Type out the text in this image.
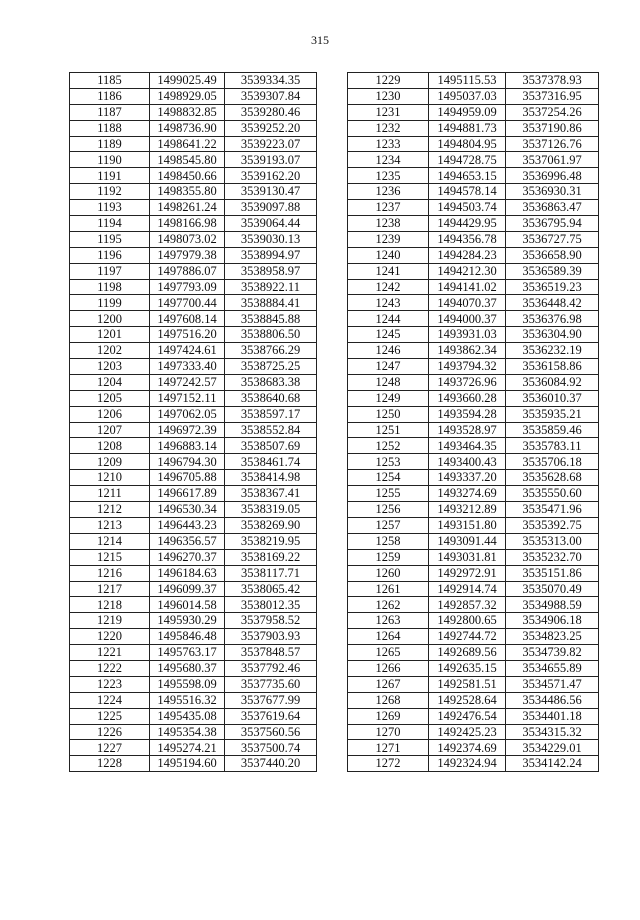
315
1185	1499025.49	3539334.35
1186	1498929.05	3539307.84
1187	1498832.85	3539280.46
1188	1498736.90	3539252.20
1189	1498641.22	3539223.07
1190	1498545.80	3539193.07
1191	1498450.66	3539162.20
1192	1498355.80	3539130.47
1193	1498261.24	3539097.88
1194	1498166.98	3539064.44
1195	1498073.02	3539030.13
1196	1497979.38	3538994.97
1197	1497886.07	3538958.97
1198	1497793.09	3538922.11
1199	1497700.44	3538884.41
1200	1497608.14	3538845.88
1201	1497516.20	3538806.50
1202	1497424.61	3538766.29
1203	1497333.40	3538725.25
1204	1497242.57	3538683.38
1205	1497152.11	3538640.68
1206	1497062.05	3538597.17
1207	1496972.39	3538552.84
1208	1496883.14	3538507.69
1209	1496794.30	3538461.74
1210	1496705.88	3538414.98
1211	1496617.89	3538367.41
1212	1496530.34	3538319.05
1213	1496443.23	3538269.90
1214	1496356.57	3538219.95
1215	1496270.37	3538169.22
1216	1496184.63	3538117.71
1217	1496099.37	3538065.42
1218	1496014.58	3538012.35
1219	1495930.29	3537958.52
1220	1495846.48	3537903.93
1221	1495763.17	3537848.57
1222	1495680.37	3537792.46
1223	1495598.09	3537735.60
1224	1495516.32	3537677.99
1225	1495435.08	3537619.64
1226	1495354.38	3537560.56
1227	1495274.21	3537500.74
1228	1495194.60	3537440.20
1229	1495115.53	3537378.93
1230	1495037.03	3537316.95
1231	1494959.09	3537254.26
1232	1494881.73	3537190.86
1233	1494804.95	3537126.76
1234	1494728.75	3537061.97
1235	1494653.15	3536996.48
1236	1494578.14	3536930.31
1237	1494503.74	3536863.47
1238	1494429.95	3536795.94
1239	1494356.78	3536727.75
1240	1494284.23	3536658.90
1241	1494212.30	3536589.39
1242	1494141.02	3536519.23
1243	1494070.37	3536448.42
1244	1494000.37	3536376.98
1245	1493931.03	3536304.90
1246	1493862.34	3536232.19
1247	1493794.32	3536158.86
1248	1493726.96	3536084.92
1249	1493660.28	3536010.37
1250	1493594.28	3535935.21
1251	1493528.97	3535859.46
1252	1493464.35	3535783.11
1253	1493400.43	3535706.18
1254	1493337.20	3535628.68
1255	1493274.69	3535550.60
1256	1493212.89	3535471.96
1257	1493151.80	3535392.75
1258	1493091.44	3535313.00
1259	1493031.81	3535232.70
1260	1492972.91	3535151.86
1261	1492914.74	3535070.49
1262	1492857.32	3534988.59
1263	1492800.65	3534906.18
1264	1492744.72	3534823.25
1265	1492689.56	3534739.82
1266	1492635.15	3534655.89
1267	1492581.51	3534571.47
1268	1492528.64	3534486.56
1269	1492476.54	3534401.18
1270	1492425.23	3534315.32
1271	1492374.69	3534229.01
1272	1492324.94	3534142.24
